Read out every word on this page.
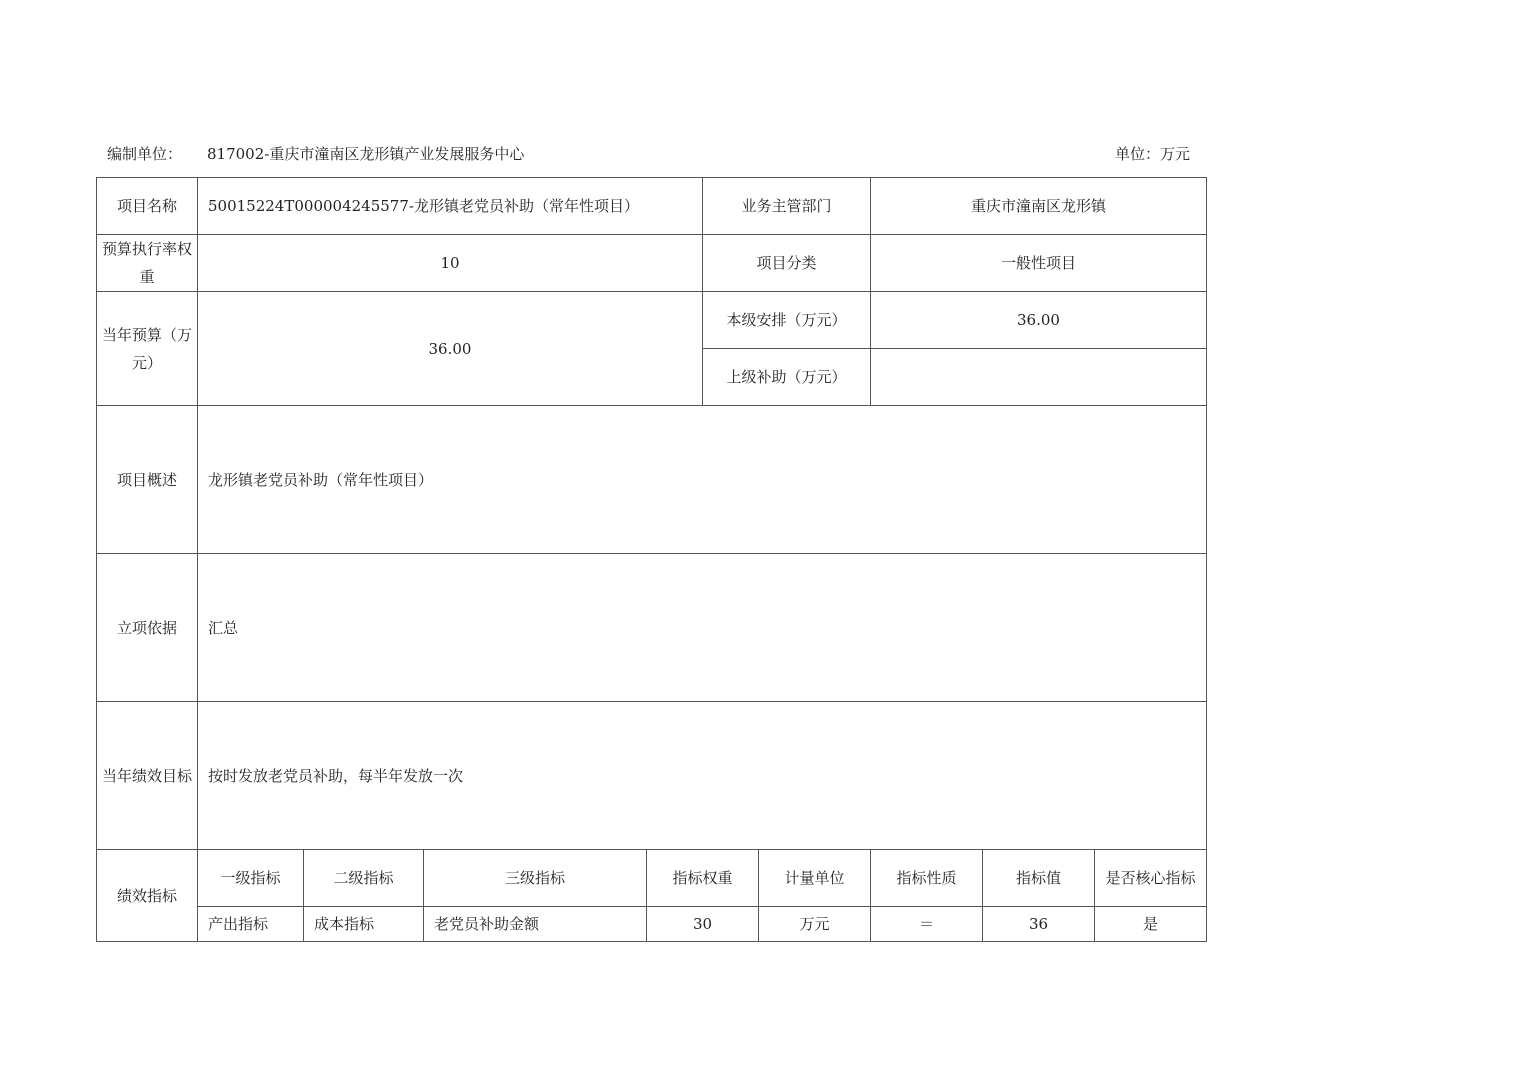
编制单位： 817002-重庆市潼南区龙形镇产业发展服务中心	单位：万元
项目名称	50015224T000004245577-龙形镇老党员补助（常年性项目）				业务主管部门		重庆市潼南区龙形镇		
预算执行率权重	10				项目分类		一般性项目		
当年预算（万元）	36.00				本级安排（万元）		36.00		
					上级补助（万元）				
项目概述	龙形镇老党员补助（常年性项目）								
立项依据	汇总								
当年绩效目标	按时发放老党员补助，每半年发放一次								
绩效指标	一级指标	二级指标	三级指标	指标权重		计量单位	指标性质	指标值	是否核心指标
	产出指标	成本指标	老党员补助金额	30		万元	＝	36	是
